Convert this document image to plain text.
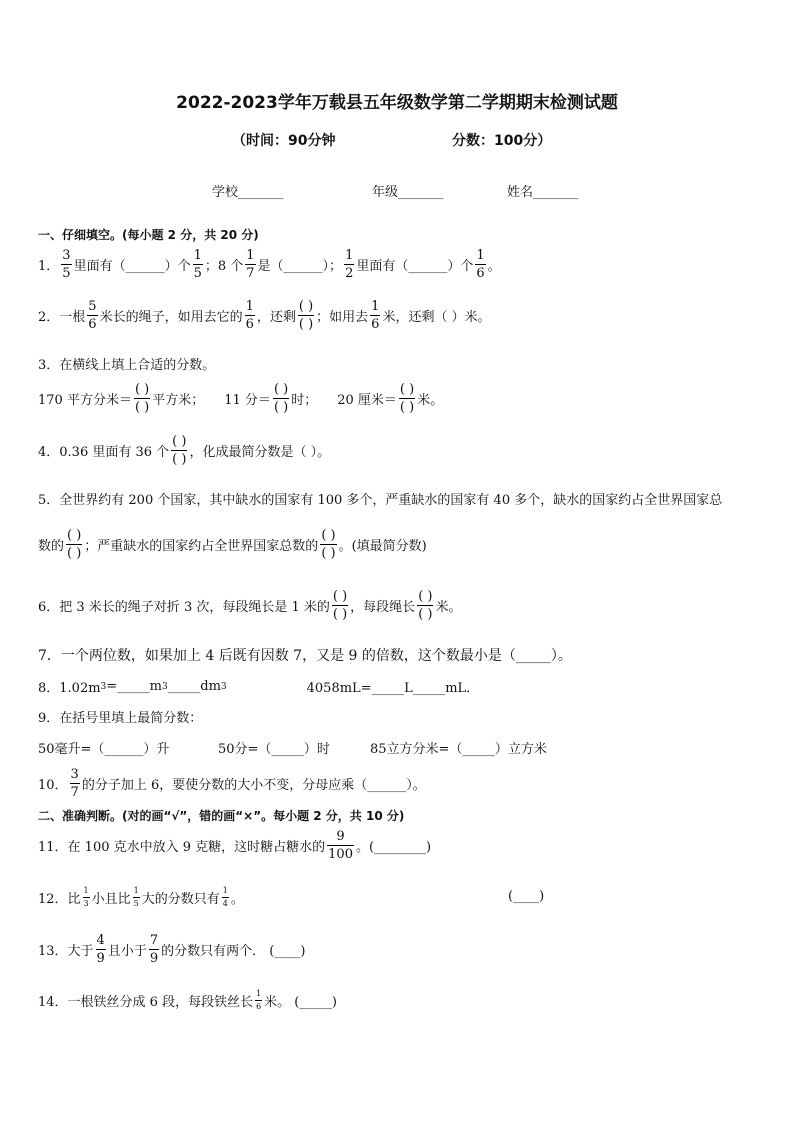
2022-2023学年万载县五年级数学第二学期期末检测试题
（时间：90分钟	分数：100分）
学校_______	年级_______	姓名_______
一、仔细填空。(每小题 2 分，共 20 分)
1． $\frac{3}{5}$ 里面有（______）个 $\frac{1}{5}$ ；8 个 $\frac{1}{7}$ 是（______）； $\frac{1}{2}$ 里面有（______）个 $\frac{1}{6}$ 。
2．一根 $\frac{5}{6}$ 米长的绳子，如用去它的 $\frac{1}{6}$ ，还剩
( )
( ) ；如用去 $\frac{1}{6}$ 米，还剩（ ）米。
3．在横线上填上合适的分数。
170 平方分米＝
( )
( ) 平方米； 11 分＝
( )
( ) 时； 20 厘米＝
( )
( ) 米。
4．0.36 里面有 36 个
( )
( ) ，化成最简分数是（ ）。
5．全世界约有 200 个国家，其中缺水的国家有 100 多个，严重缺水的国家有 40 多个，缺水的国家约占全世界国家总
数的
( )
( ) ；严重缺水的国家约占全世界国家总数的
( )
( ) 。(填最简分数)
6．把 3 米长的绳子对折 3 次，每段绳长是 1 米的
( )
( ) ，每段绳长
( )
( ) 米。
7．一个两位数，如果加上 4 后既有因数 7，又是 9 的倍数，这个数最小是（_____）。
8．1.02m 3 =_____m 3 _____dm 3	4058mL=_____L_____mL．
9．在括号里填上最简分数：
50毫升=（______）升	50分=（_____）时	85立方分米=（_____）立方米
10． $\frac{3}{7}$ 的分子加上 6，要使分数的大小不变，分母应乘（______）。
二、准确判断。(对的画“√”，错的画“×”。每小题 2 分，共 10 分)
11．在 100 克水中放入 9 克糖，这时糖占糖水的 $\frac{9}{100}$ 。(________)
12．比 $\frac{1}{3}$ 小且比 $\frac{1}{5}$ 大的分数只有 $\frac{1}{4}$ 。	(____)
13．大于 $\frac{4}{9}$ 且小于 $\frac{7}{9}$ 的分数只有两个． (____)
14．一根铁丝分成 6 段，每段铁丝长 $\frac{1}{6}$ 米。 (_____)
